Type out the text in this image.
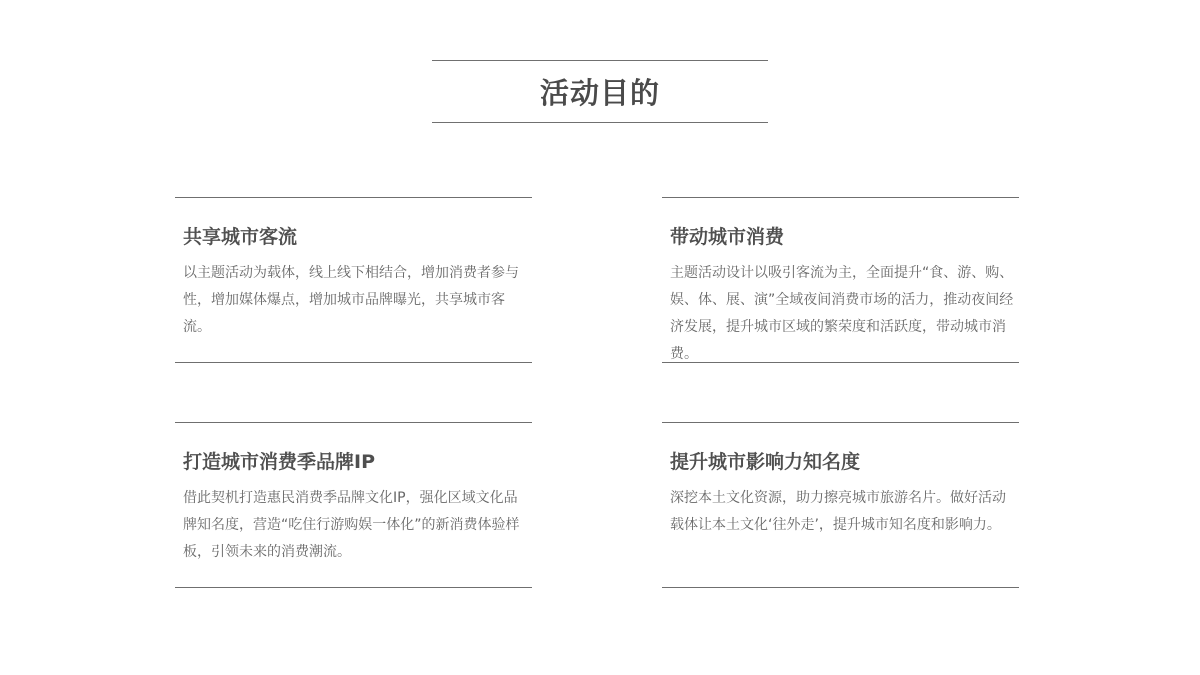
活动目的
共享城市客流
以主题活动为载体，线上线下相结合，增加消费者参与性，增加媒体爆点，增加城市品牌曝光，共享城市客流。
带动城市消费
主题活动设计以吸引客流为主，全面提升“食、游、购、娱、体、展、演”全域夜间消费市场的活力，推动夜间经济发展，提升城市区域的繁荣度和活跃度，带动城市消费。
打造城市消费季品牌IP
借此契机打造惠民消费季品牌文化IP，强化区域文化品牌知名度，营造“吃住行游购娱一体化”的新消费体验样板，引领未来的消费潮流。
提升城市影响力知名度
深挖本土文化资源，助力擦亮城市旅游名片。做好活动载体让本土文化‘往外走’，提升城市知名度和影响力。
